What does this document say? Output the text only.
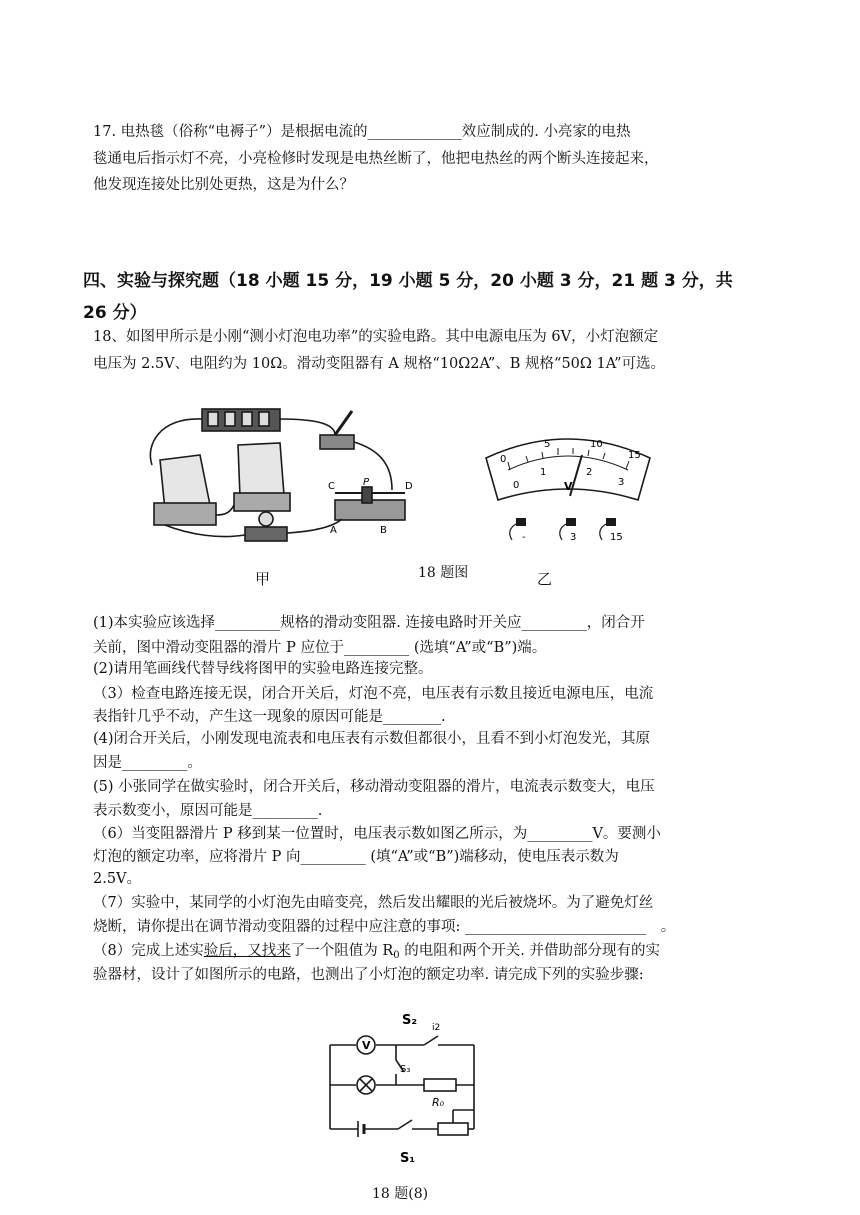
17. 电热毯（俗称“电褥子”）是根据电流的_____________效应制成的. 小亮家的电热
毯通电后指示灯不亮，小亮检修时发现是电热丝断了，他把电热丝的两个断头连接起来，
他发现连接处比别处更热，这是为什么？
四、实验与探究题（18 小题 15 分，19 小题 5 分，20 小题 3 分，21 题 3 分，共
26 分）
18、如图甲所示是小刚“测小灯泡电功率”的实验电路。其中电源电压为 6V，小灯泡额定
电压为 2.5V、电阻约为 10Ω。滑动变阻器有 A 规格“10Ω2A”、B 规格“50Ω 1A”可选。
C	P	D
A	B
0
1	2
3
0
5	10
15
V
-	3	15
甲	18 题图	乙
(1)本实验应该选择_________规格的滑动变阻器. 连接电路时开关应_________，闭合开
关前，图中滑动变阻器的滑片 P 应位于_________ (选填“A”或“B”)端。
(2)请用笔画线代替导线将图甲的实验电路连接完整。
（3）检查电路连接无误，闭合开关后，灯泡不亮，电压表有示数且接近电源电压，电流
表指针几乎不动，产生这一现象的原因可能是________.
(4)闭合开关后，小刚发现电流表和电压表有示数但都很小，且看不到小灯泡发光，其原
因是_________。
(5) 小张同学在做实验时，闭合开关后，移动滑动变阻器的滑片，电流表示数变大，电压
表示数变小，原因可能是_________.
（6）当变阻器滑片 P 移到某一位置时，电压表示数如图乙所示，为_________V。要测小
灯泡的额定功率，应将滑片 P 向_________ (填“A”或“B”)端移动，使电压表示数为
2.5V。
（7）实验中，某同学的小灯泡先由暗变亮，然后发出耀眼的光后被烧坏。为了避免灯丝
烧断，请你提出在调节滑动变阻器的过程中应注意的事项: _________________________　。
（8）完成上述实验后，又找来了一个阻值为 $R_0$ 的电阻和两个开关. 并借助部分现有的实
验器材，设计了如图所示的电路，也测出了小灯泡的额定功率. 请完成下列的实验步骤:
V
S₂ i2
S₃
R₀
S₁
18 题(8)
